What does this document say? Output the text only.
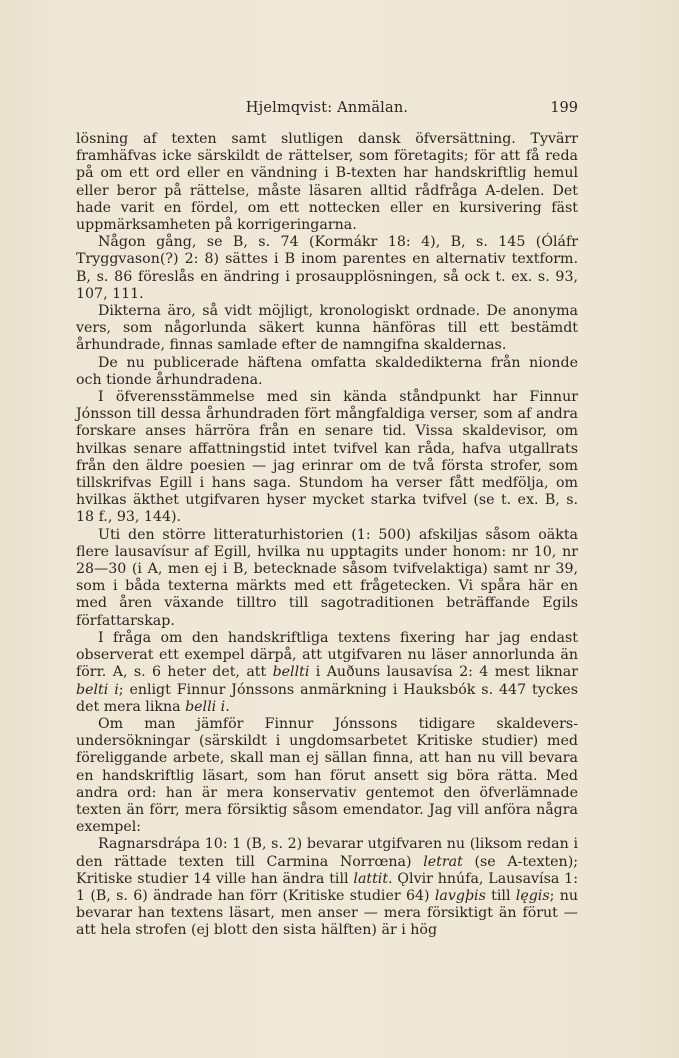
Hjelmqvist: Anmälan.	199

lösning af texten samt slutligen dansk öfversättning. Tyvärr framhäfvas icke särskildt de rättelser, som företagits; för att få reda på om ett ord eller en vändning i B-texten har handskriftlig hemul eller beror på rättelse, måste läsaren alltid rådfråga A-delen. Det hade varit en fördel, om ett nottecken eller en kursivering fäst uppmärksamheten på korrigeringarna.

Någon gång, se B, s. 74 (Kormákr 18: 4), B, s. 145 (Óláfr Tryggvason(?) 2: 8) sättes i B inom parentes en alternativ textform. B, s. 86 föreslås en ändring i prosaupplösningen, så ock t. ex. s. 93, 107, 111.

Dikterna äro, så vidt möjligt, kronologiskt ordnade. De anonyma vers, som någorlunda säkert kunna hänföras till ett bestämdt århundrade, finnas samlade efter de namngifna skaldernas.

De nu publicerade häftena omfatta skaldedikterna från nionde och tionde århundradena.

I öfverensstämmelse med sin kända ståndpunkt har Finnur Jónsson till dessa århundraden fört mångfaldiga verser, som af andra forskare anses härröra från en senare tid. Vissa skaldevisor, om hvilkas senare affattningstid intet tvifvel kan råda, hafva utgallrats från den äldre poesien — jag erinrar om de två första strofer, som tillskrifvas Egill i hans saga. Stundom ha verser fått medfölja, om hvilkas äkthet utgifvaren hyser mycket starka tvifvel (se t. ex. B, s. 18 f., 93, 144).

Uti den större litteraturhistorien (1: 500) afskiljas såsom oäkta flere lausavísur af Egill, hvilka nu upptagits under honom: nr 10, nr 28—30 (i A, men ej i B, betecknade såsom tvifvelaktiga) samt nr 39, som i båda texterna märkts med ett frågetecken. Vi spåra här en med åren växande tilltro till sagotraditionen beträffande Egils författarskap.

I fråga om den handskriftliga textens fixering har jag endast observerat ett exempel därpå, att utgifvaren nu läser annorlunda än förr. A, s. 6 heter det, att bellti i Auðuns lausavísa 2: 4 mest liknar belti i; enligt Finnur Jónssons anmärkning i Hauksbók s. 447 tyckes det mera likna belli i.

Om man jämför Finnur Jónssons tidigare skaldevers-undersökningar (särskildt i ungdomsarbetet Kritiske studier) med föreliggande arbete, skall man ej sällan finna, att han nu vill bevara en handskriftlig läsart, som han förut ansett sig böra rätta. Med andra ord: han är mera konservativ gentemot den öfverlämnade texten än förr, mera försiktig såsom emendator. Jag vill anföra några exempel:

Ragnarsdrápa 10: 1 (B, s. 2) bevarar utgifvaren nu (liksom redan i den rättade texten till Carmina Norrœna) letrat (se A-texten); Kritiske studier 14 ville han ändra till lattit. Ǫlvir hnúfa, Lausavísa 1: 1 (B, s. 6) ändrade han förr (Kritiske studier 64) lavgþis till lęgis; nu bevarar han textens läsart, men anser — mera försiktigt än förut — att hela strofen (ej blott den sista hälften) är i hög
